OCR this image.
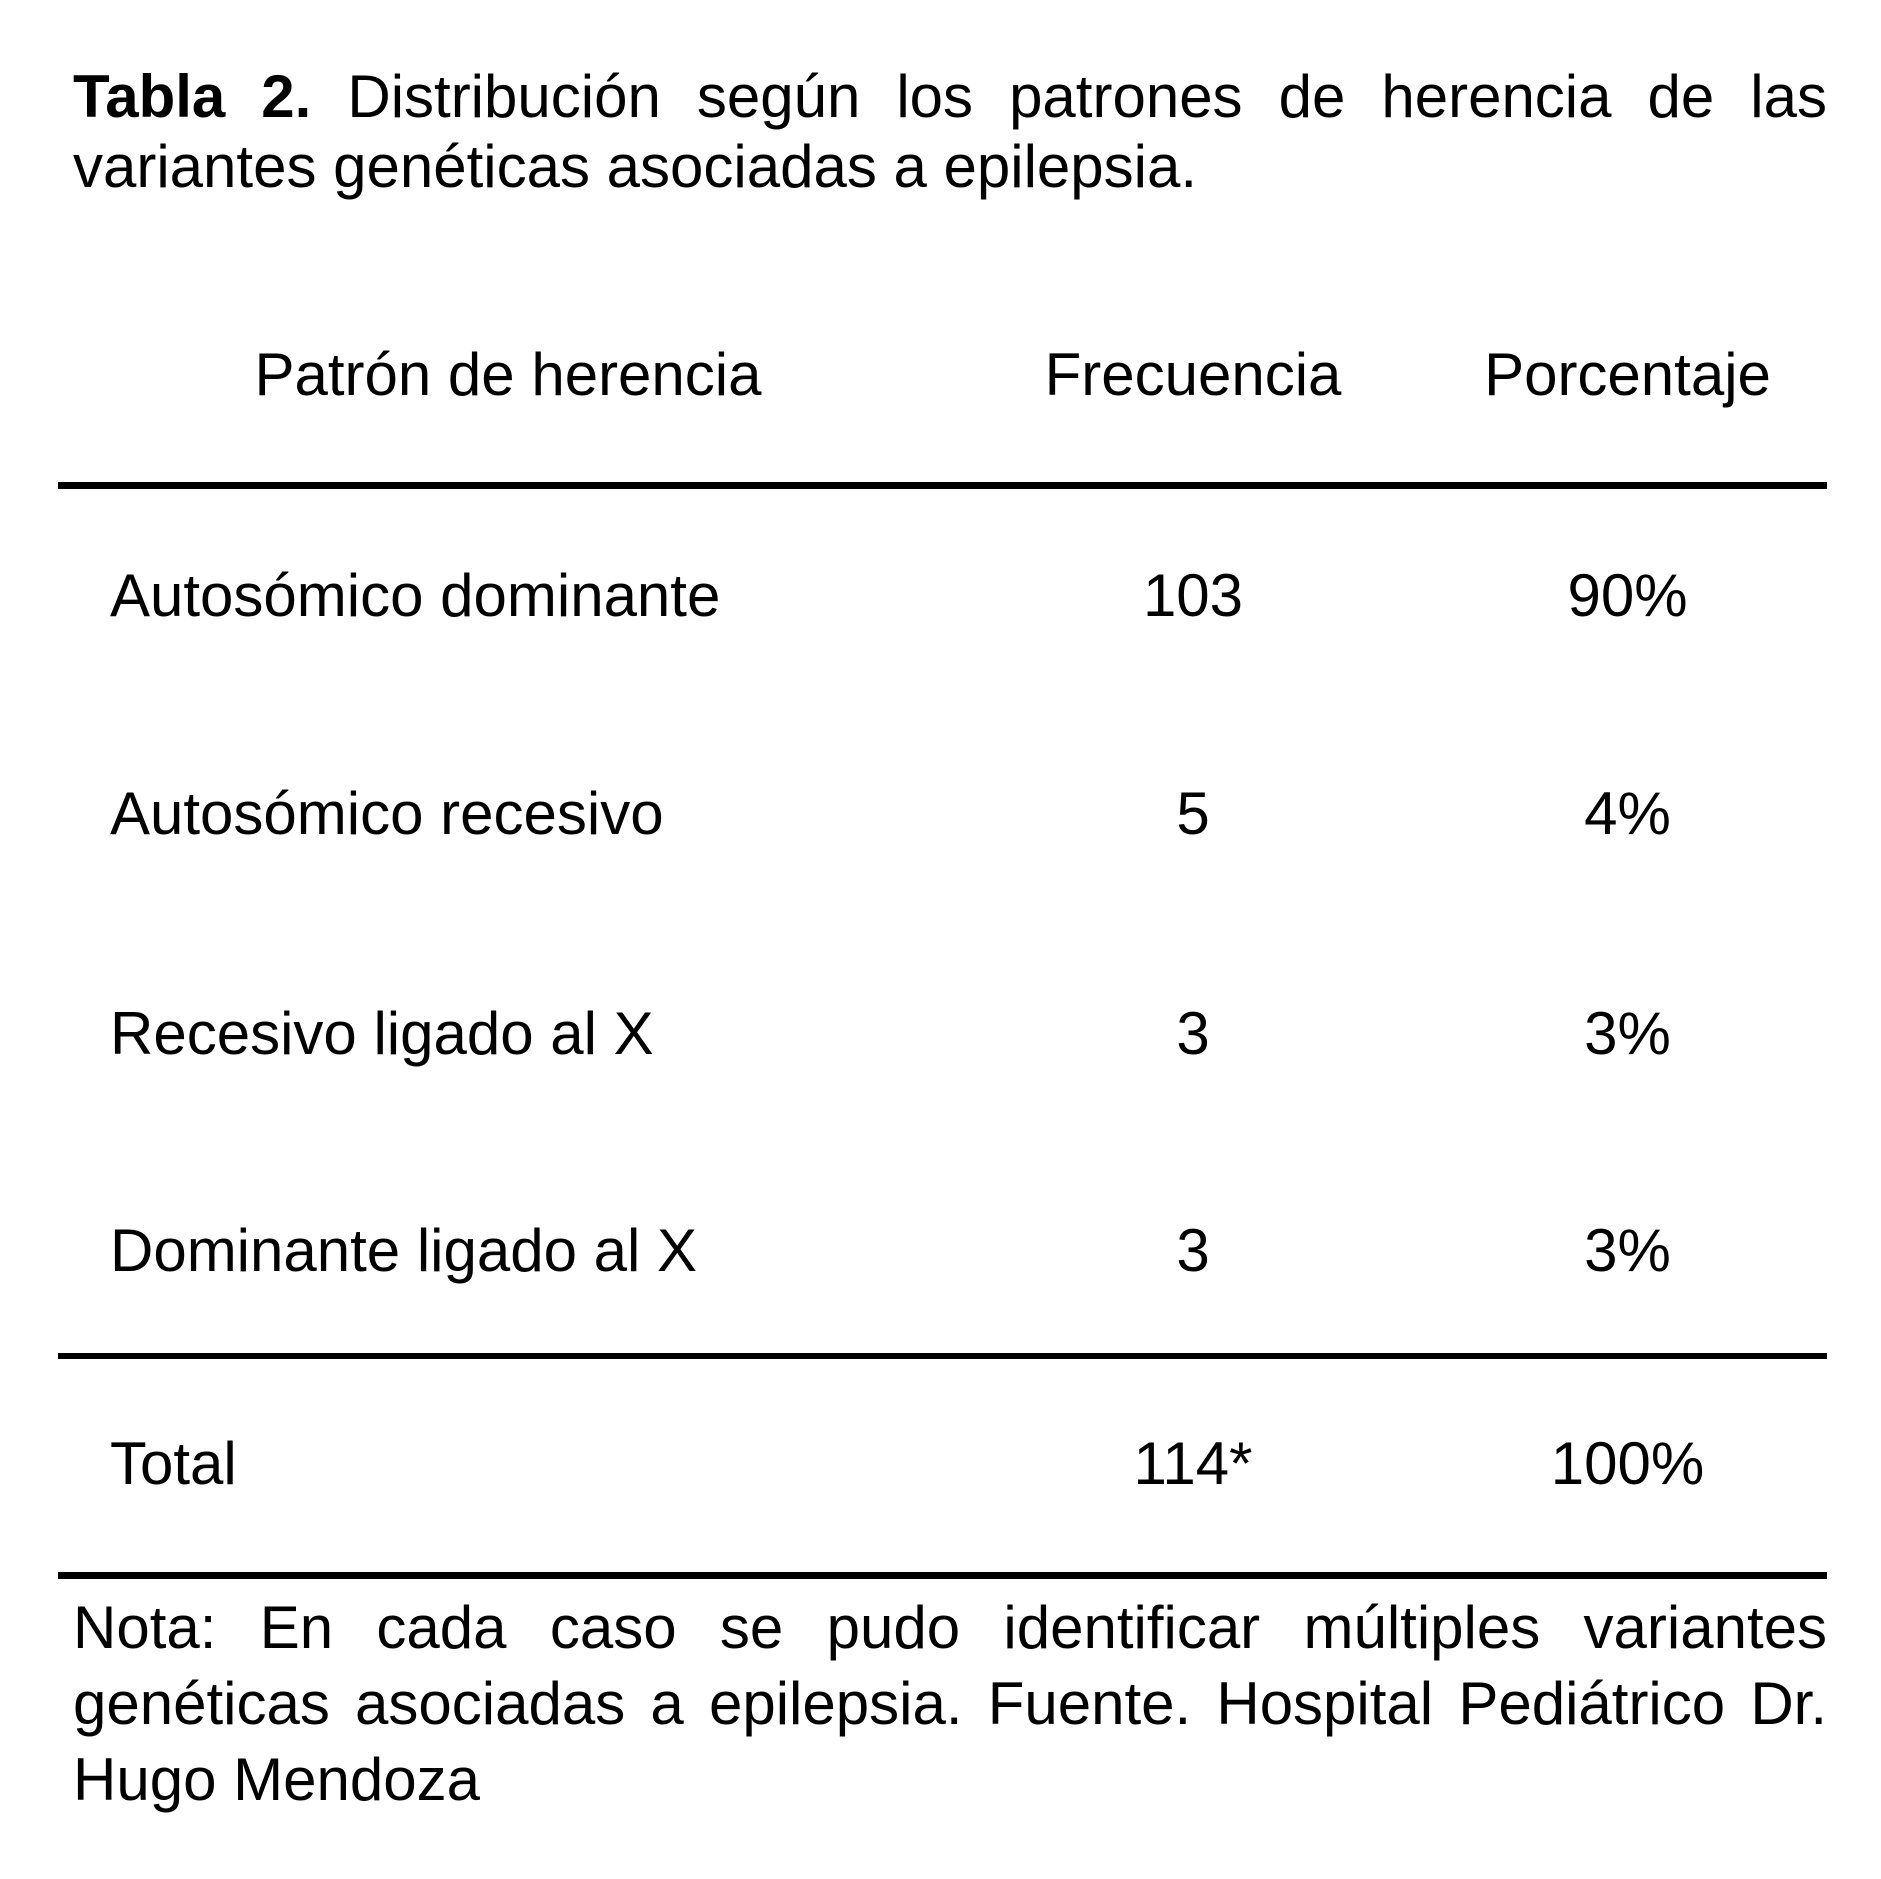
Tabla 2. Distribución según los patrones de herencia de las
variantes genéticas asociadas a epilepsia.

Patrón de herencia	Frecuencia	Porcentaje
Autosómico dominante	103	90%
Autosómico recesivo	5	4%
Recesivo ligado al X	3	3%
Dominante ligado al X	3	3%
Total	114*	100%

Nota: En cada caso se pudo identificar múltiples variantes
genéticas asociadas a epilepsia. Fuente. Hospital Pediátrico Dr.
Hugo Mendoza
